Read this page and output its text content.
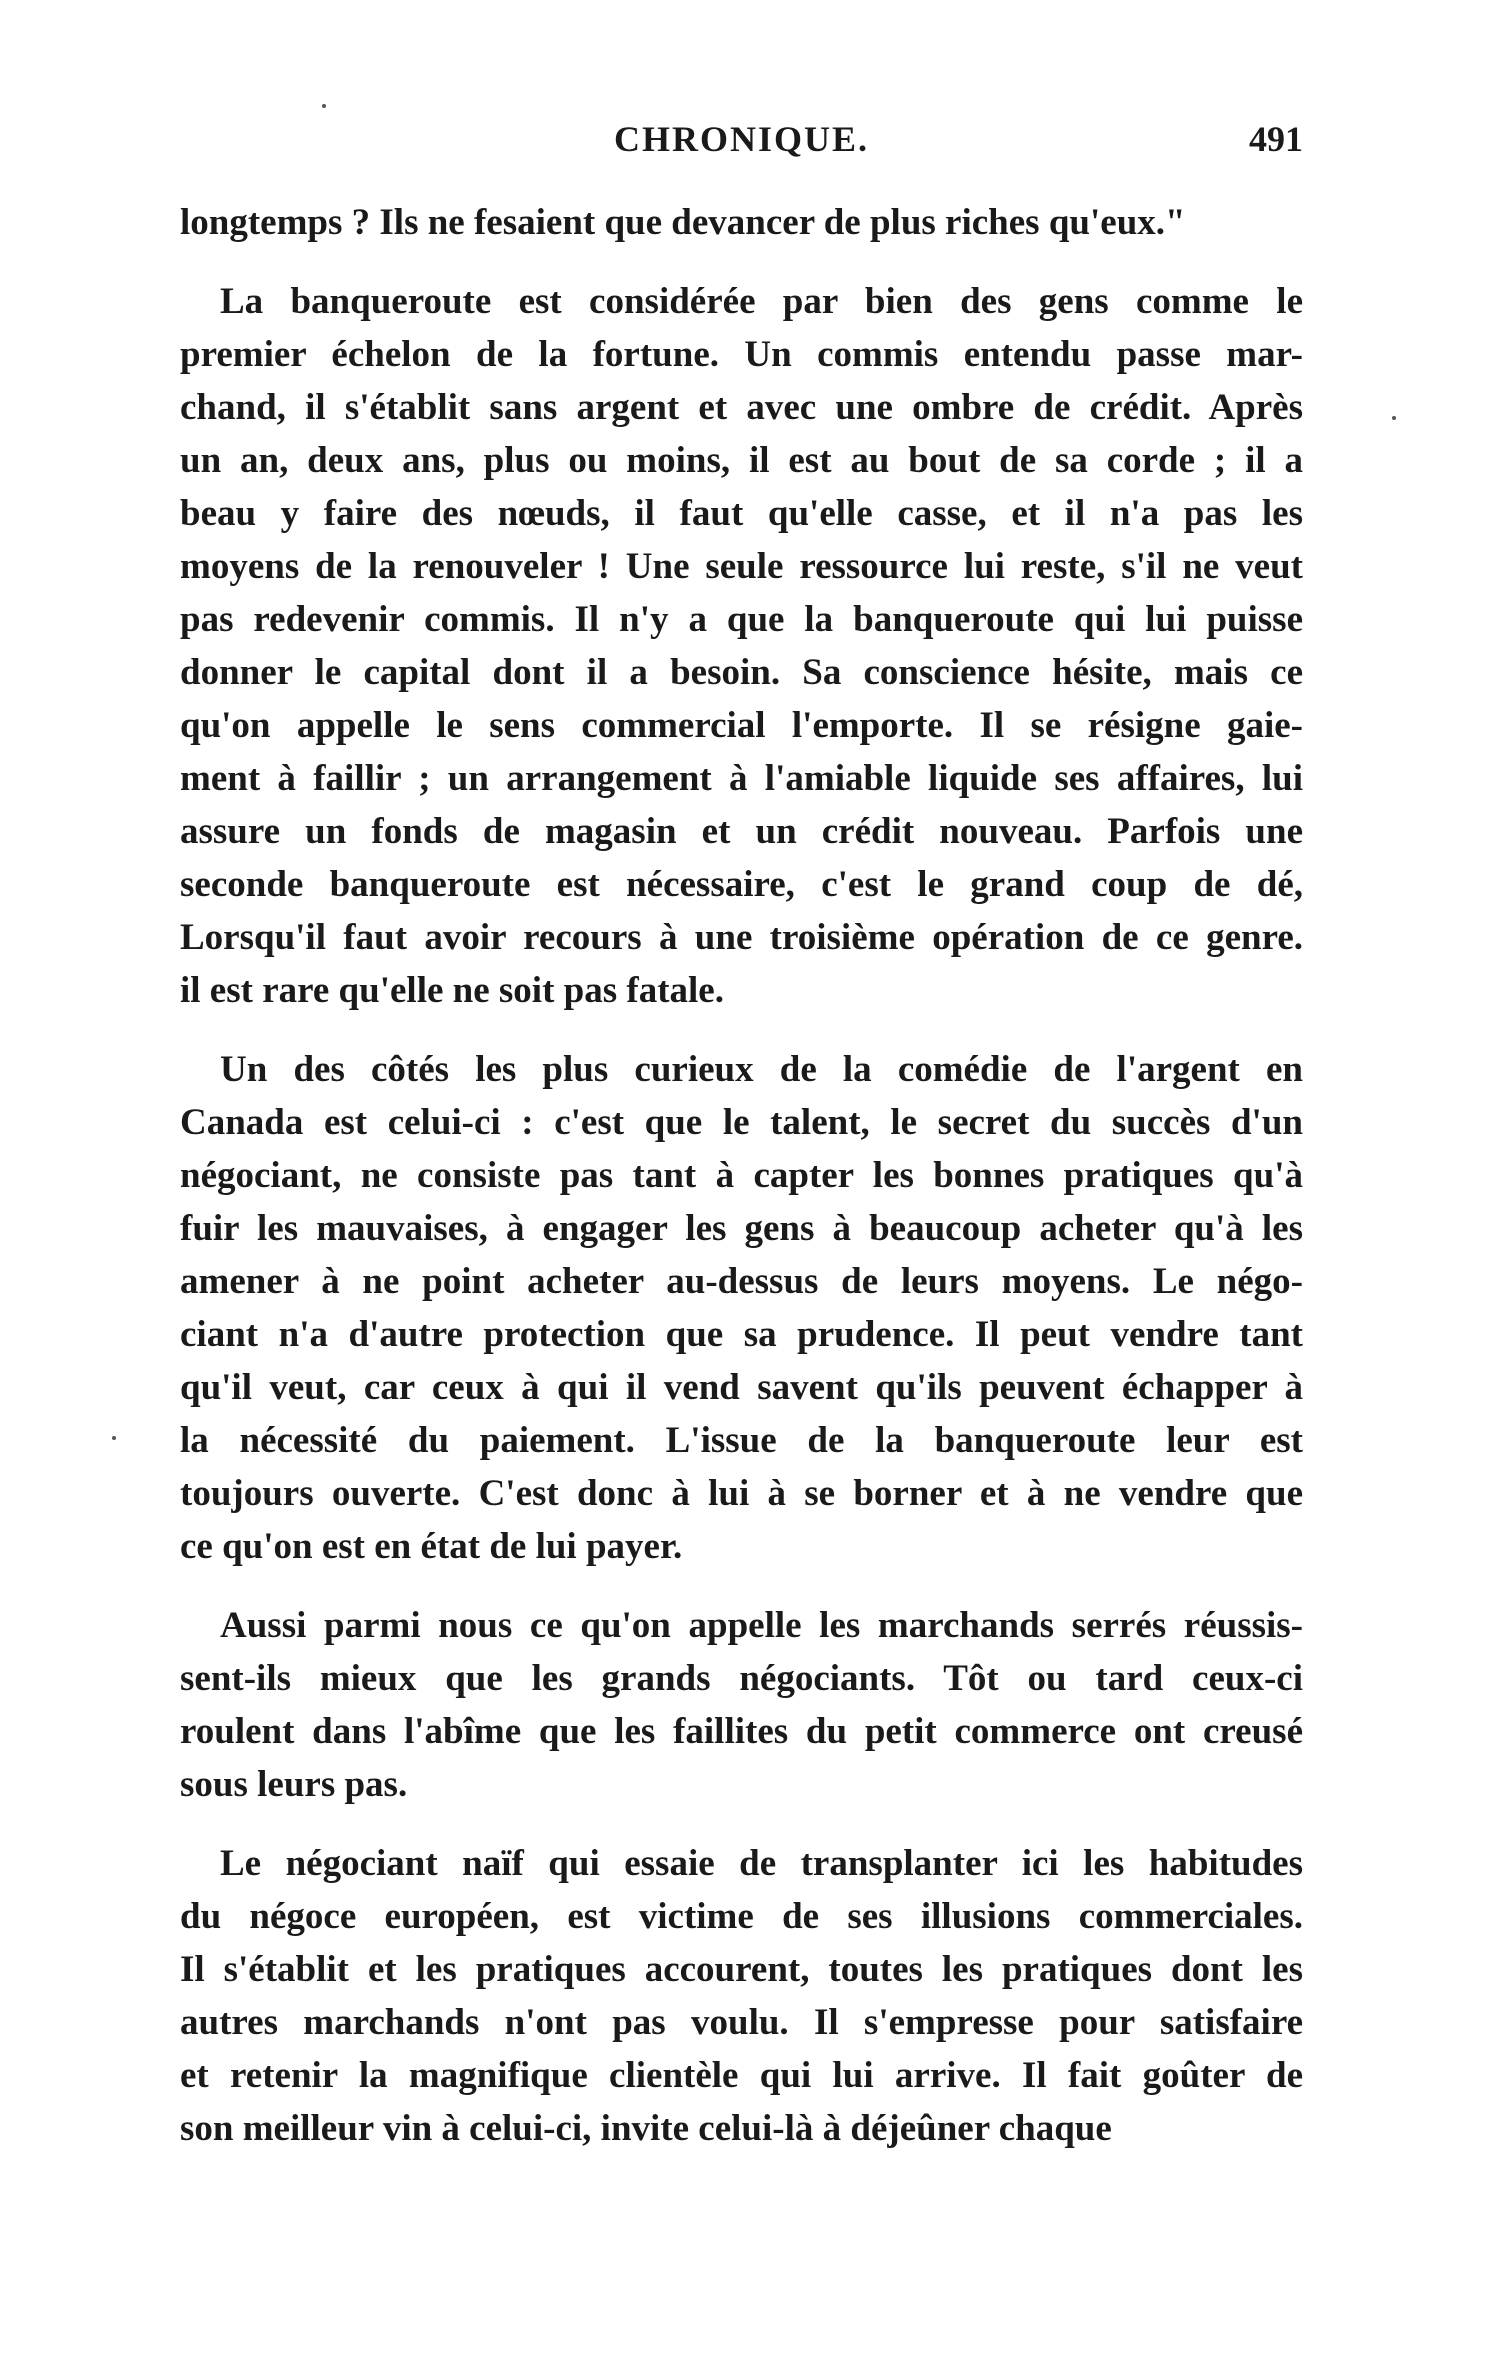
CHRONIQUE.	491
longtemps ? Ils ne fesaient que devancer de plus riches qu'eux."
La banqueroute est considérée par bien des gens comme le
premier échelon de la fortune. Un commis entendu passe mar-
chand, il s'établit sans argent et avec une ombre de crédit. Après
un an, deux ans, plus ou moins, il est au bout de sa corde ; il a
beau y faire des nœuds, il faut qu'elle casse, et il n'a pas les
moyens de la renouveler ! Une seule ressource lui reste, s'il ne veut
pas redevenir commis. Il n'y a que la banqueroute qui lui puisse
donner le capital dont il a besoin. Sa conscience hésite, mais ce
qu'on appelle le sens commercial l'emporte. Il se résigne gaie-
ment à faillir ; un arrangement à l'amiable liquide ses affaires, lui
assure un fonds de magasin et un crédit nouveau. Parfois une
seconde banqueroute est nécessaire, c'est le grand coup de dé,
Lorsqu'il faut avoir recours à une troisième opération de ce genre.
il est rare qu'elle ne soit pas fatale.
Un des côtés les plus curieux de la comédie de l'argent en
Canada est celui-ci : c'est que le talent, le secret du succès d'un
négociant, ne consiste pas tant à capter les bonnes pratiques qu'à
fuir les mauvaises, à engager les gens à beaucoup acheter qu'à les
amener à ne point acheter au-dessus de leurs moyens. Le négo-
ciant n'a d'autre protection que sa prudence. Il peut vendre tant
qu'il veut, car ceux à qui il vend savent qu'ils peuvent échapper à
la nécessité du paiement. L'issue de la banqueroute leur est
toujours ouverte. C'est donc à lui à se borner et à ne vendre que
ce qu'on est en état de lui payer.
Aussi parmi nous ce qu'on appelle les marchands serrés réussis-
sent-ils mieux que les grands négociants. Tôt ou tard ceux-ci
roulent dans l'abîme que les faillites du petit commerce ont creusé
sous leurs pas.
Le négociant naïf qui essaie de transplanter ici les habitudes
du négoce européen, est victime de ses illusions commerciales.
Il s'établit et les pratiques accourent, toutes les pratiques dont les
autres marchands n'ont pas voulu. Il s'empresse pour satisfaire
et retenir la magnifique clientèle qui lui arrive. Il fait goûter de
son meilleur vin à celui-ci, invite celui-là à déjeûner chaque
